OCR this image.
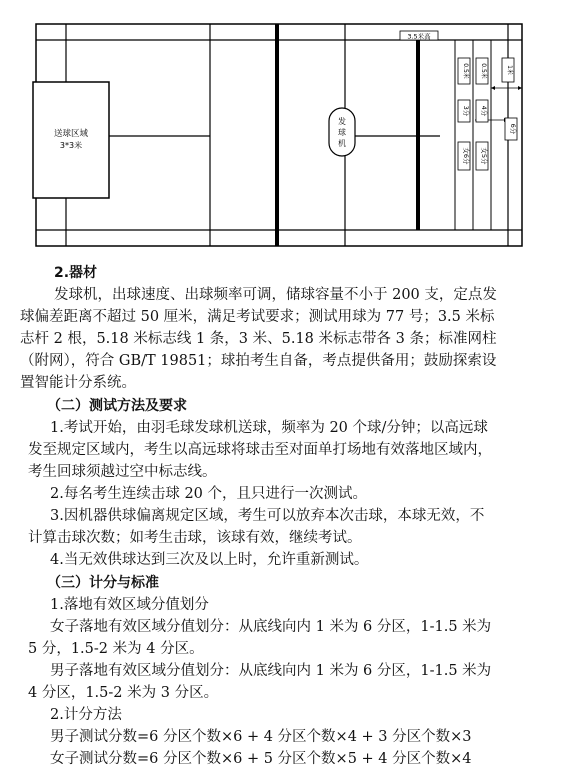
3.5米高
0.5米 0.5米	1米
3分 4分
6分
女6分 女5分
发
球
机
送球区域
3*3米
2.器材
发球机，出球速度、出球频率可调，储球容量不小于 200 支，定点发
球偏差距离不超过 50 厘米，满足考试要求；测试用球为 77 号；3.5 米标
志杆 2 根，5.18 米标志线 1 条，3 米、5.18 米标志带各 3 条；标准网柱
（附网），符合 GB/T 19851；球拍考生自备，考点提供备用；鼓励探索设
置智能计分系统。
（二）测试方法及要求
1.考试开始，由羽毛球发球机送球，频率为 20 个球/分钟；以高远球
发至规定区域内，考生以高远球将球击至对面单打场地有效落地区域内，
考生回球须越过空中标志线。
2.每名考生连续击球 20 个，且只进行一次测试。
3.因机器供球偏离规定区域，考生可以放弃本次击球，本球无效，不
计算击球次数；如考生击球，该球有效，继续考试。
4.当无效供球达到三次及以上时，允许重新测试。
（三）计分与标准
1.落地有效区域分值划分
女子落地有效区域分值划分：从底线向内 1 米为 6 分区，1-1.5 米为
5 分，1.5-2 米为 4 分区。
男子落地有效区域分值划分：从底线向内 1 米为 6 分区，1-1.5 米为
4 分区，1.5-2 米为 3 分区。
2.计分方法
男子测试分数=6 分区个数×6 + 4 分区个数×4 + 3 分区个数×3
女子测试分数=6 分区个数×6 + 5 分区个数×5 + 4 分区个数×4
